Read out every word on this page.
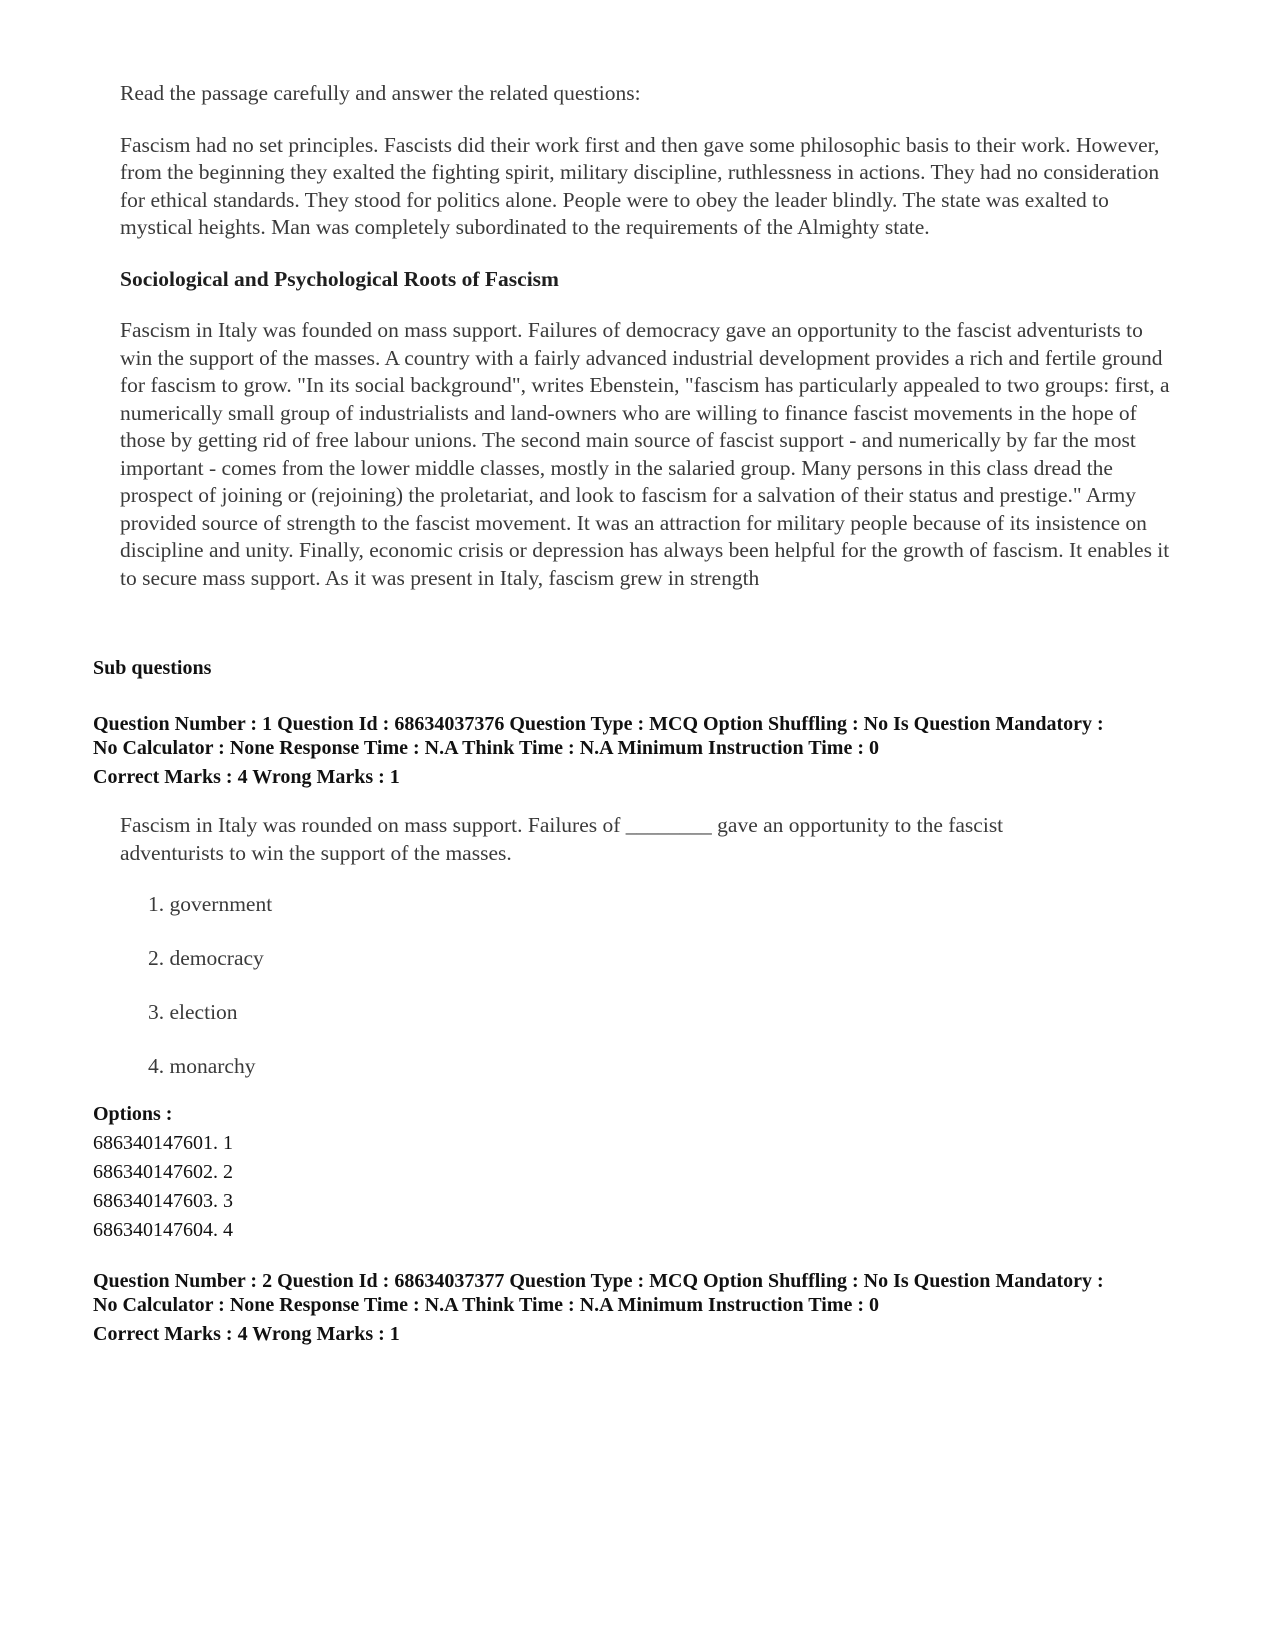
Read the passage carefully and answer the related questions:

Fascism had no set principles. Fascists did their work first and then gave some philosophic basis to their work. However, from the beginning they exalted the fighting spirit, military discipline, ruthlessness in actions. They had no consideration for ethical standards. They stood for politics alone. People were to obey the leader blindly. The state was exalted to mystical heights. Man was completely subordinated to the requirements of the Almighty state.

Sociological and Psychological Roots of Fascism

Fascism in Italy was founded on mass support. Failures of democracy gave an opportunity to the fascist adventurists to win the support of the masses. A country with a fairly advanced industrial development provides a rich and fertile ground for fascism to grow. "In its social background", writes Ebenstein, "fascism has particularly appealed to two groups: first, a numerically small group of industrialists and land-owners who are willing to finance fascist movements in the hope of those by getting rid of free labour unions. The second main source of fascist support - and numerically by far the most important - comes from the lower middle classes, mostly in the salaried group. Many persons in this class dread the prospect of joining or (rejoining) the proletariat, and look to fascism for a salvation of their status and prestige." Army provided source of strength to the fascist movement. It was an attraction for military people because of its insistence on discipline and unity. Finally, economic crisis or depression has always been helpful for the growth of fascism. It enables it to secure mass support. As it was present in Italy, fascism grew in strength

Sub questions
Question Number : 1 Question Id : 68634037376 Question Type : MCQ Option Shuffling : No Is Question Mandatory :
No Calculator : None Response Time : N.A Think Time : N.A Minimum Instruction Time : 0
Correct Marks : 4 Wrong Marks : 1
Fascism in Italy was rounded on mass support. Failures of ________ gave an opportunity to the fascist
adventurists to win the support of the masses.
1. government
2. democracy
3. election
4. monarchy
Options :
686340147601. 1
686340147602. 2
686340147603. 3
686340147604. 4
Question Number : 2 Question Id : 68634037377 Question Type : MCQ Option Shuffling : No Is Question Mandatory :
No Calculator : None Response Time : N.A Think Time : N.A Minimum Instruction Time : 0
Correct Marks : 4 Wrong Marks : 1
